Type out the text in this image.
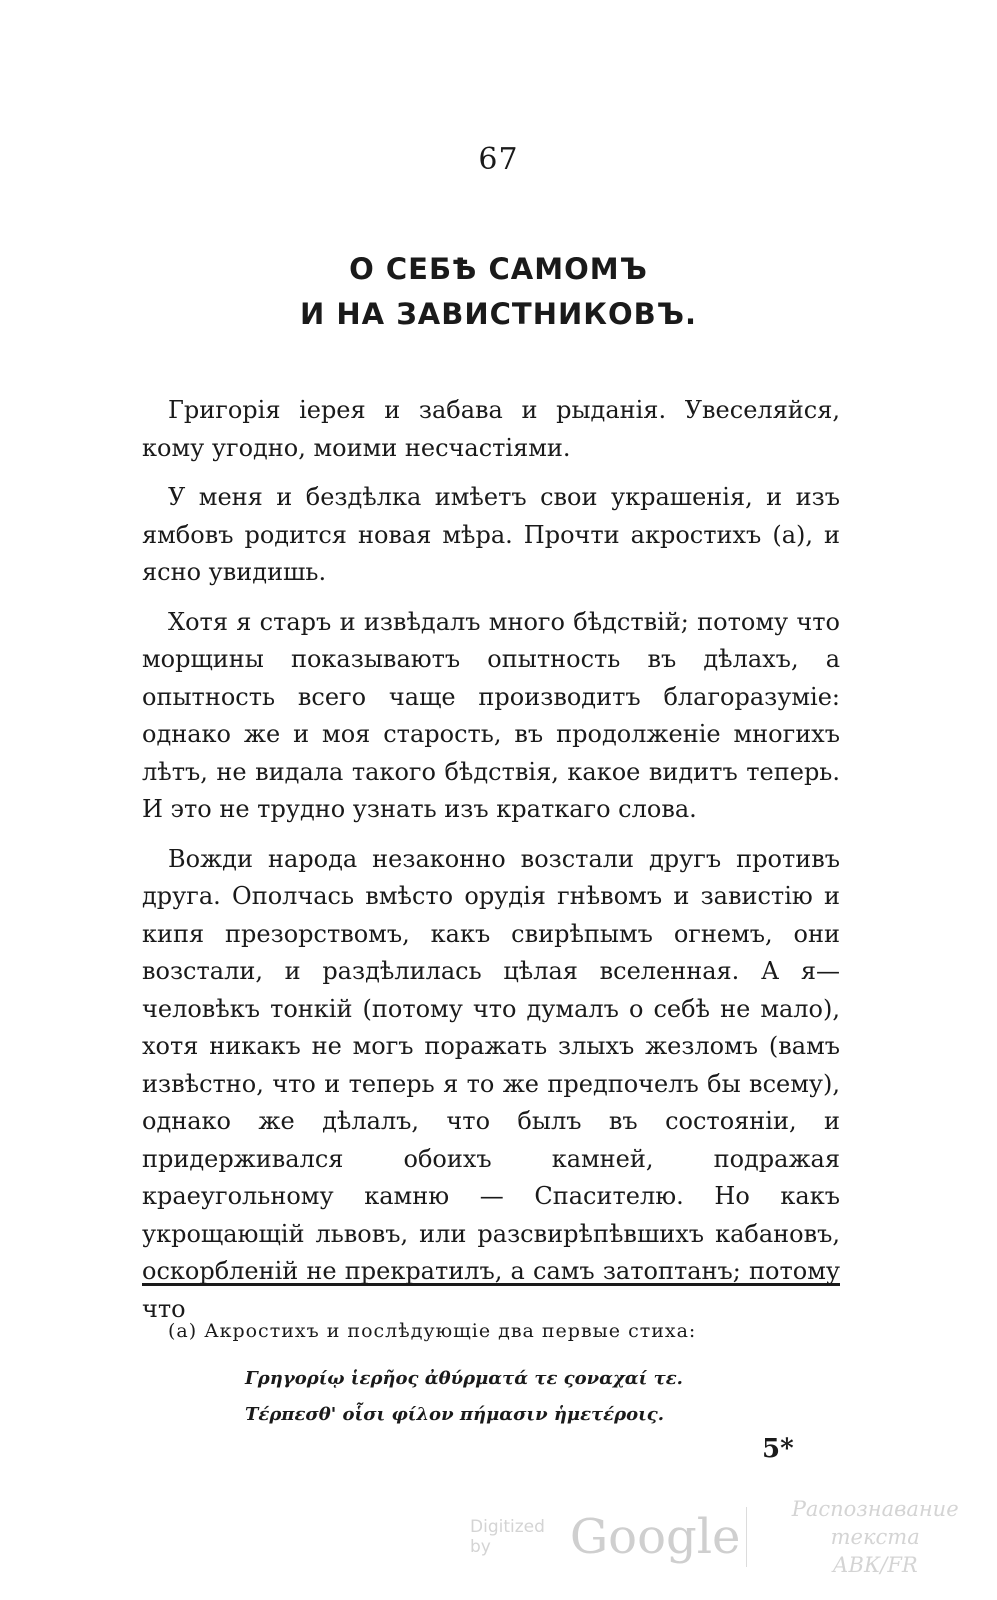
67
О СЕБѢ САМОМЪ
И НА ЗАВИСТНИКОВЪ.

Григорія іерея и забава и рыданія. Увеселяйся, кому угодно, моими несчастіями.

У меня и бездѣлка имѣетъ свои украшенія, и изъ ямбовъ родится новая мѣра. Прочти акростихъ (а), и ясно увидишь.

Хотя я старъ и извѣдалъ много бѣдствій; потому что морщины показываютъ опытность въ дѣлахъ, а опытность всего чаще производитъ благоразуміе: однако же и моя старость, въ продолженіе многихъ лѣтъ, не видала такого бѣдствія, какое видитъ теперь. И это не трудно узнать изъ краткаго слова.

Вожди народа незаконно возстали другъ противъ друга. Ополчась вмѣсто орудія гнѣвомъ и завистію и кипя презорствомъ, какъ свирѣпымъ огнемъ, они возстали, и раздѣлилась цѣлая вселенная. А я—человѣкъ тонкій (потому что думалъ о себѣ не мало), хотя никакъ не могъ поражать злыхъ жезломъ (вамъ извѣстно, что и теперь я то же предпочелъ бы всему), однако же дѣлалъ, что былъ въ состояніи, и придерживался обоихъ камней, подражая краеугольному камню — Спасителю. Но какъ укрощающій львовъ, или разсвирѣпѣвшихъ кабановъ, оскорбленій не прекратилъ, а самъ затоптанъ; потому что

(а) Акростихъ и послѣдующіе два первые стиха:
Γρηγορίῳ ἱερῆος ἀθύρματά τε ςοναχαί τε.
Τέρπεσθ' οἷσι φίλον πήμασιν ἡμετέροις.
5*
Digitized by	Google	Распознавание текста
АВК/FR
